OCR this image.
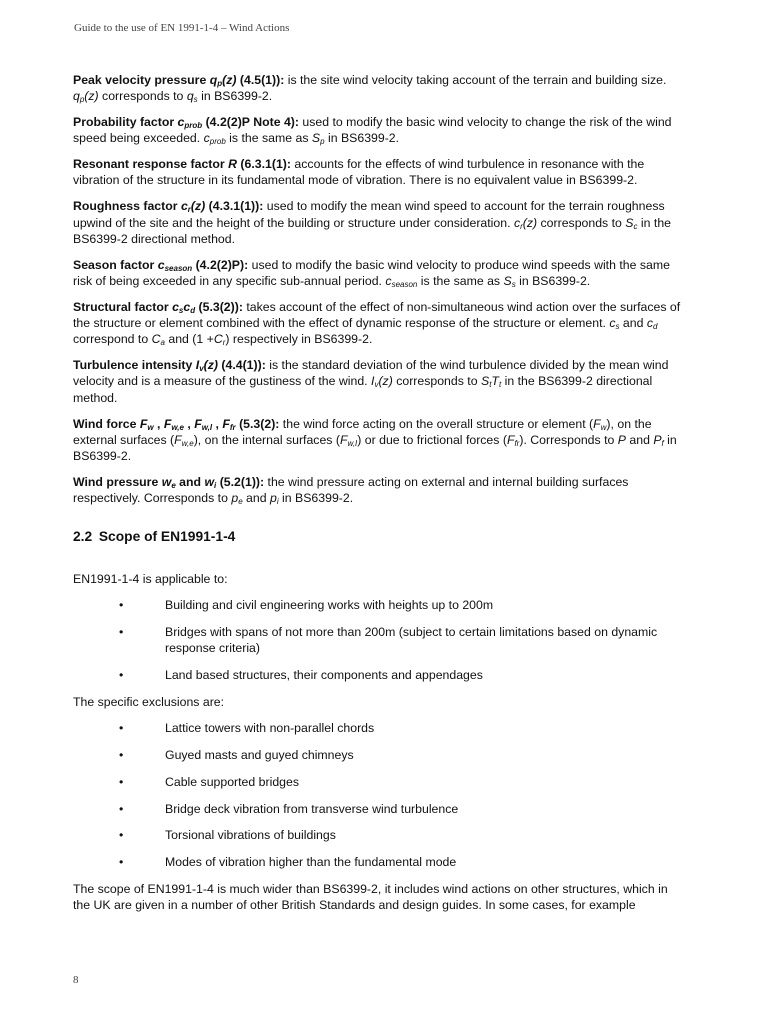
Guide to the use of EN 1991-1-4 – Wind Actions

Peak velocity pressure $q_p(z)$ (4.5(1)): is the site wind velocity taking account of the terrain and building size. $q_p(z)$ corresponds to $q_s$ in BS6399-2.

Probability factor $c_{prob}$ (4.2(2)P Note 4): used to modify the basic wind velocity to change the risk of the wind speed being exceeded. $c_{prob}$ is the same as $S_p$ in BS6399-2.

Resonant response factor R (6.3.1(1): accounts for the effects of wind turbulence in resonance with the vibration of the structure in its fundamental mode of vibration. There is no equivalent value in BS6399-2.

Roughness factor $c_r(z)$ (4.3.1(1)): used to modify the mean wind speed to account for the terrain roughness upwind of the site and the height of the building or structure under consideration. $c_r(z)$ corresponds to $S_c$ in the BS6399-2 directional method.

Season factor $c_{season}$ (4.2(2)P): used to modify the basic wind velocity to produce wind speeds with the same risk of being exceeded in any specific sub-annual period. $c_{season}$ is the same as $S_s$ in BS6399-2.

Structural factor $c_sc_d$ (5.3(2)): takes account of the effect of non-simultaneous wind action over the surfaces of the structure or element combined with the effect of dynamic response of the structure or element. $c_s$ and $c_d$ correspond to $C_a$ and $(1 +C_r)$ respectively in BS6399-2.

Turbulence intensity $I_v(z)$ (4.4(1)): is the standard deviation of the wind turbulence divided by the mean wind velocity and is a measure of the gustiness of the wind. $I_v(z)$ corresponds to $S_tT_t$ in the BS6399-2 directional method.

Wind force $F_w$ , $F_{w,e}$ , $F_{w,I}$ , $F_{fr}$ (5.3(2): the wind force acting on the overall structure or element $(F_w)$, on the external surfaces $(F_{w,e})$, on the internal surfaces $(F_{w,I})$ or due to frictional forces $(F_{fr})$. Corresponds to P and $P_f$ in BS6399-2.

Wind pressure $w_e$ and $w_i$ (5.2(1)): the wind pressure acting on external and internal building surfaces respectively. Corresponds to $p_e$ and $p_i$ in BS6399-2.

2.2 Scope of EN1991-1-4

EN1991-1-4 is applicable to:

•	Building and civil engineering works with heights up to 200m
•	Bridges with spans of not more than 200m (subject to certain limitations based on dynamic response criteria)
•	Land based structures, their components and appendages

The specific exclusions are:

•	Lattice towers with non-parallel chords
•	Guyed masts and guyed chimneys
•	Cable supported bridges
•	Bridge deck vibration from transverse wind turbulence
•	Torsional vibrations of buildings
•	Modes of vibration higher than the fundamental mode

The scope of EN1991-1-4 is much wider than BS6399-2, it includes wind actions on other structures, which in the UK are given in a number of other British Standards and design guides. In some cases, for example

8
